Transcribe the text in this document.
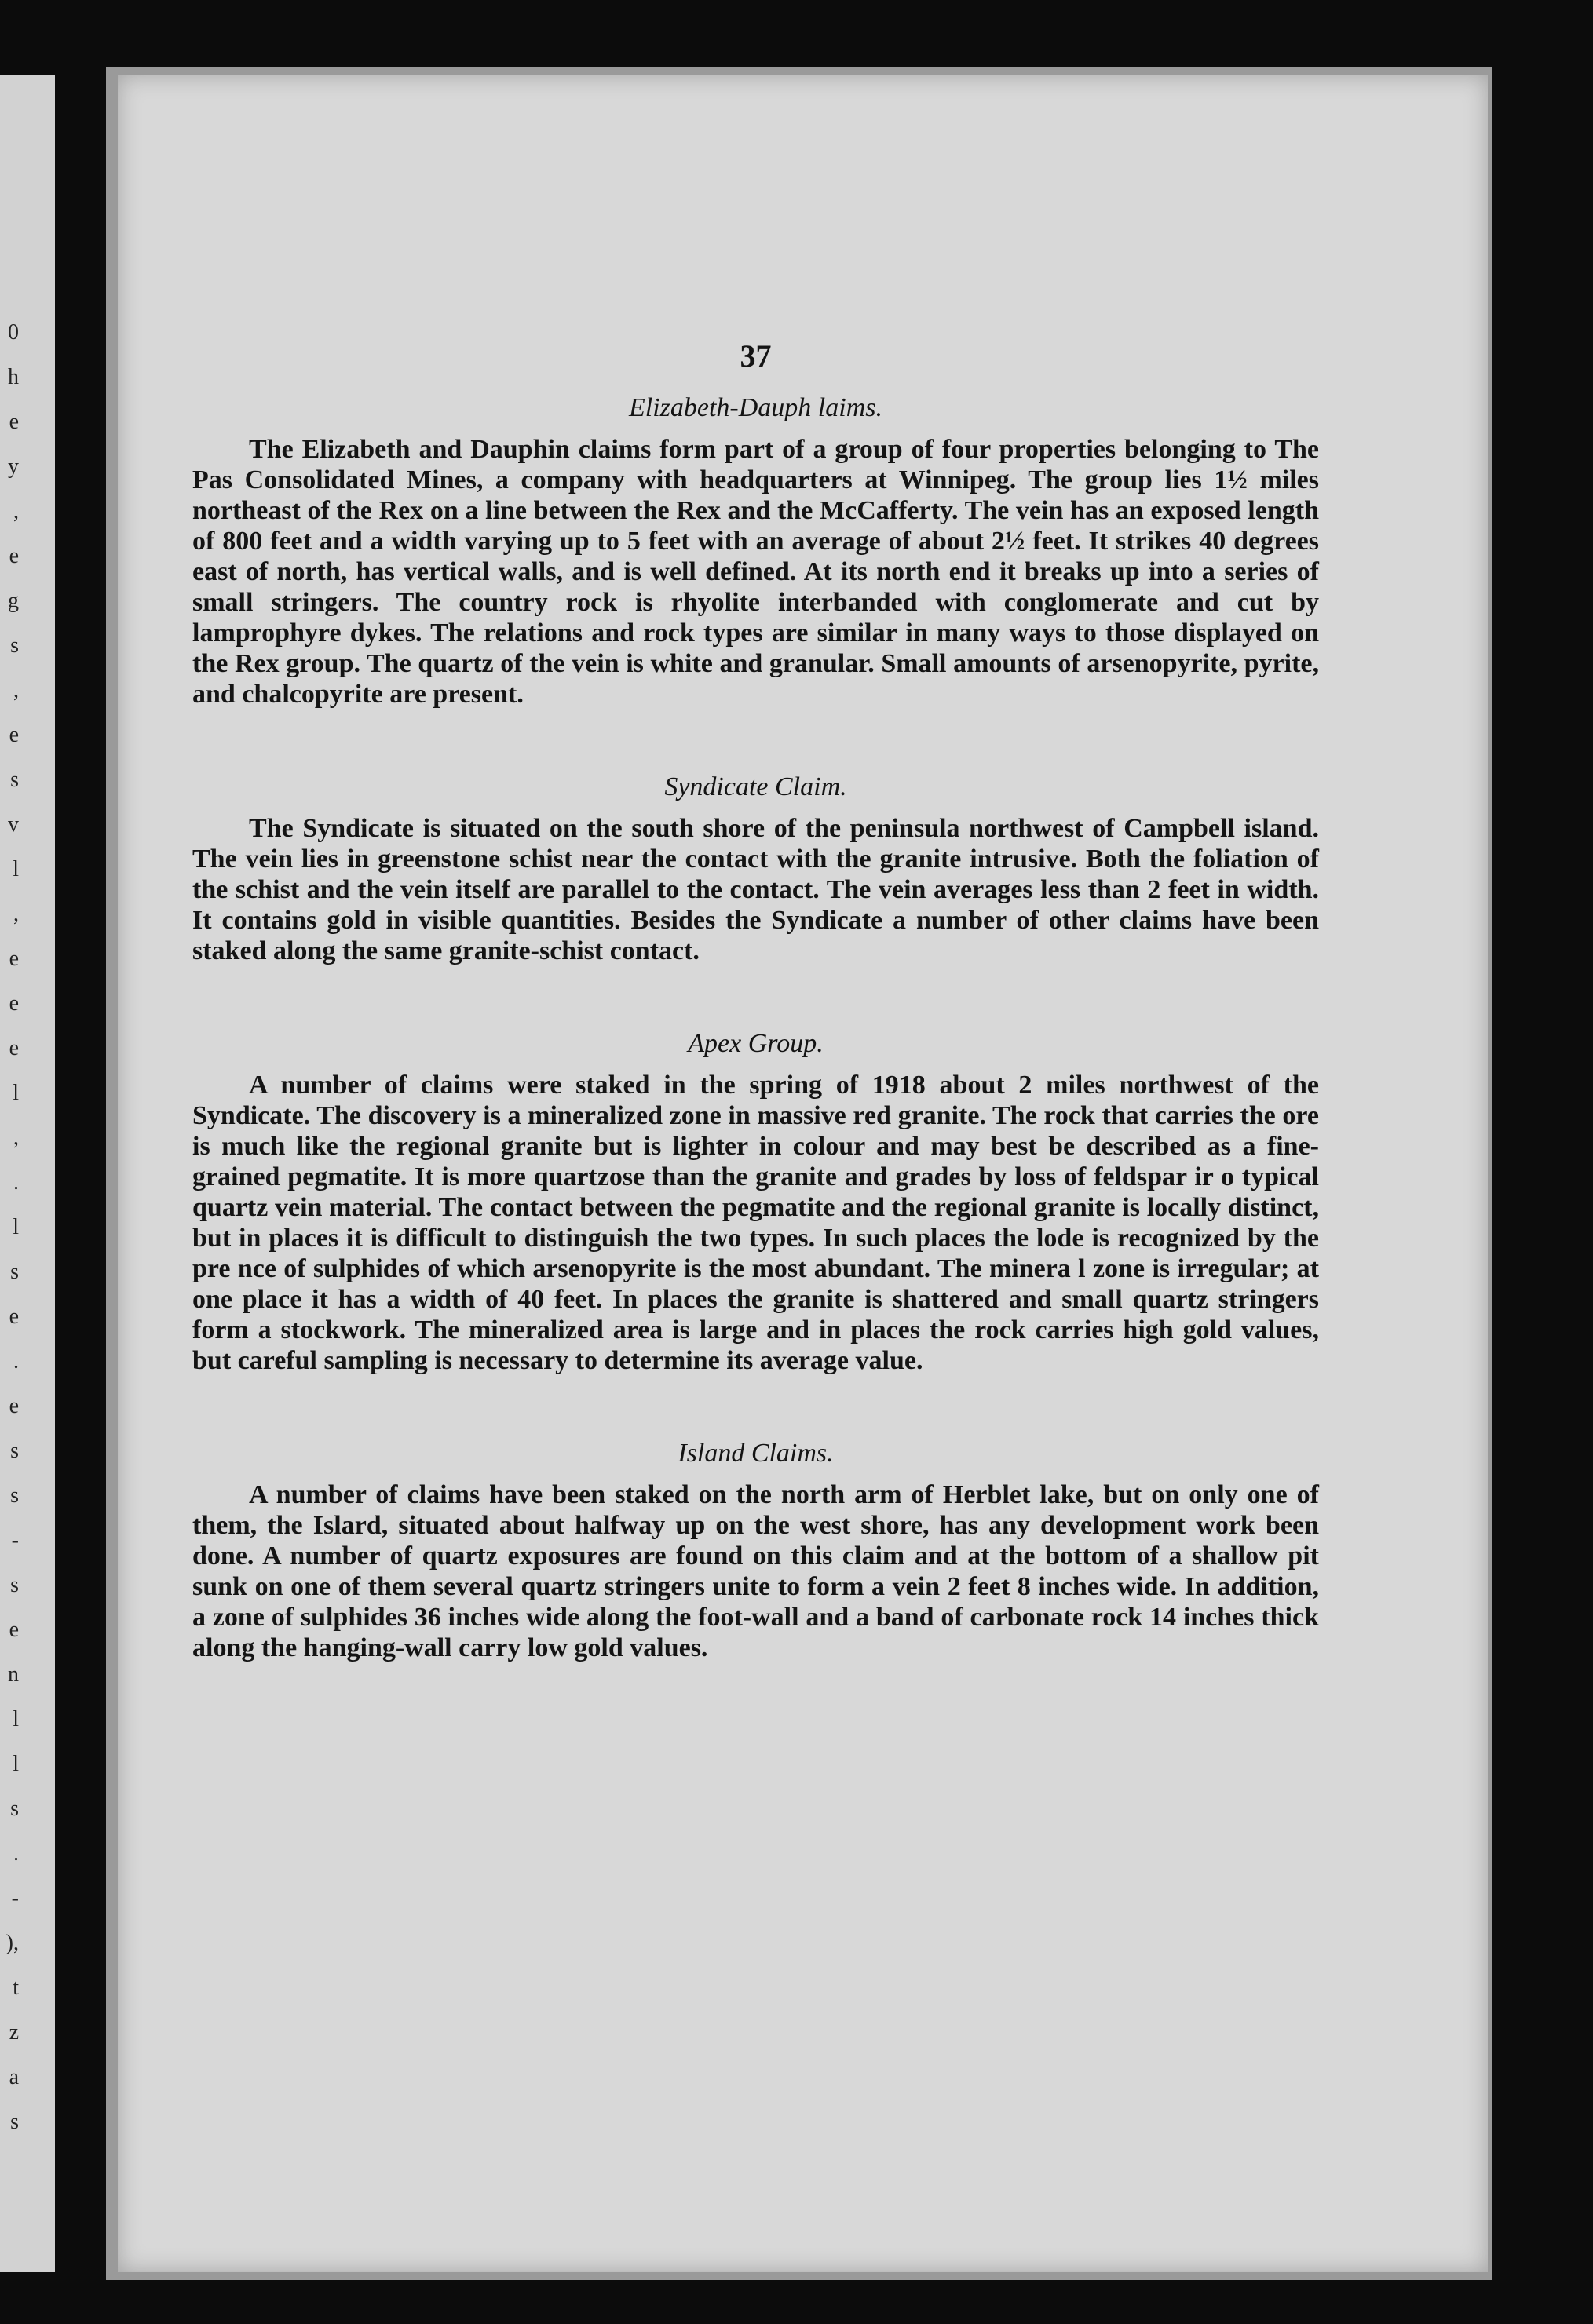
0
h
e
y
,
e
g
s
,
e
s
v
l
,
e
e
e
l
,
.
l
s
e
.
e
s
s
-
s
e
n
l
l
s
.
-
),
t
z
a
s
37
Elizabeth-Dauph laims.

The Elizabeth and Dauphin claims form part of a group of four properties belonging to The Pas Consolidated Mines, a company with headquarters at Winnipeg. The group lies 1½ miles northeast of the Rex on a line between the Rex and the McCafferty. The vein has an exposed length of 800 feet and a width varying up to 5 feet with an average of about 2½ feet. It strikes 40 degrees east of north, has vertical walls, and is well defined. At its north end it breaks up into a series of small stringers. The country rock is rhyolite interbanded with conglomerate and cut by lamprophyre dykes. The relations and rock types are similar in many ways to those displayed on the Rex group. The quartz of the vein is white and granular. Small amounts of arsenopyrite, pyrite, and chalcopyrite are present.

Syndicate Claim.

The Syndicate is situated on the south shore of the peninsula northwest of Campbell island. The vein lies in greenstone schist near the contact with the granite intrusive. Both the foliation of the schist and the vein itself are parallel to the contact. The vein averages less than 2 feet in width. It contains gold in visible quantities. Besides the Syndicate a number of other claims have been staked along the same granite-schist contact.

Apex Group.

A number of claims were staked in the spring of 1918 about 2 miles northwest of the Syndicate. The discovery is a mineralized zone in massive red granite. The rock that carries the ore is much like the regional granite but is lighter in colour and may best be described as a fine-grained pegmatite. It is more quartzose than the granite and grades by loss of feldspar ir o typical quartz vein material. The contact between the pegmatite and the regional granite is locally distinct, but in places it is difficult to distinguish the two types. In such places the lode is recognized by the pre nce of sulphides of which arsenopyrite is the most abundant. The minera l zone is irregular; at one place it has a width of 40 feet. In places the granite is shattered and small quartz stringers form a stockwork. The mineralized area is large and in places the rock carries high gold values, but careful sampling is necessary to determine its average value.

Island Claims.

A number of claims have been staked on the north arm of Herblet lake, but on only one of them, the Islard, situated about halfway up on the west shore, has any development work been done. A number of quartz exposures are found on this claim and at the bottom of a shallow pit sunk on one of them several quartz stringers unite to form a vein 2 feet 8 inches wide. In addition, a zone of sulphides 36 inches wide along the foot-wall and a band of carbonate rock 14 inches thick along the hanging-wall carry low gold values.
